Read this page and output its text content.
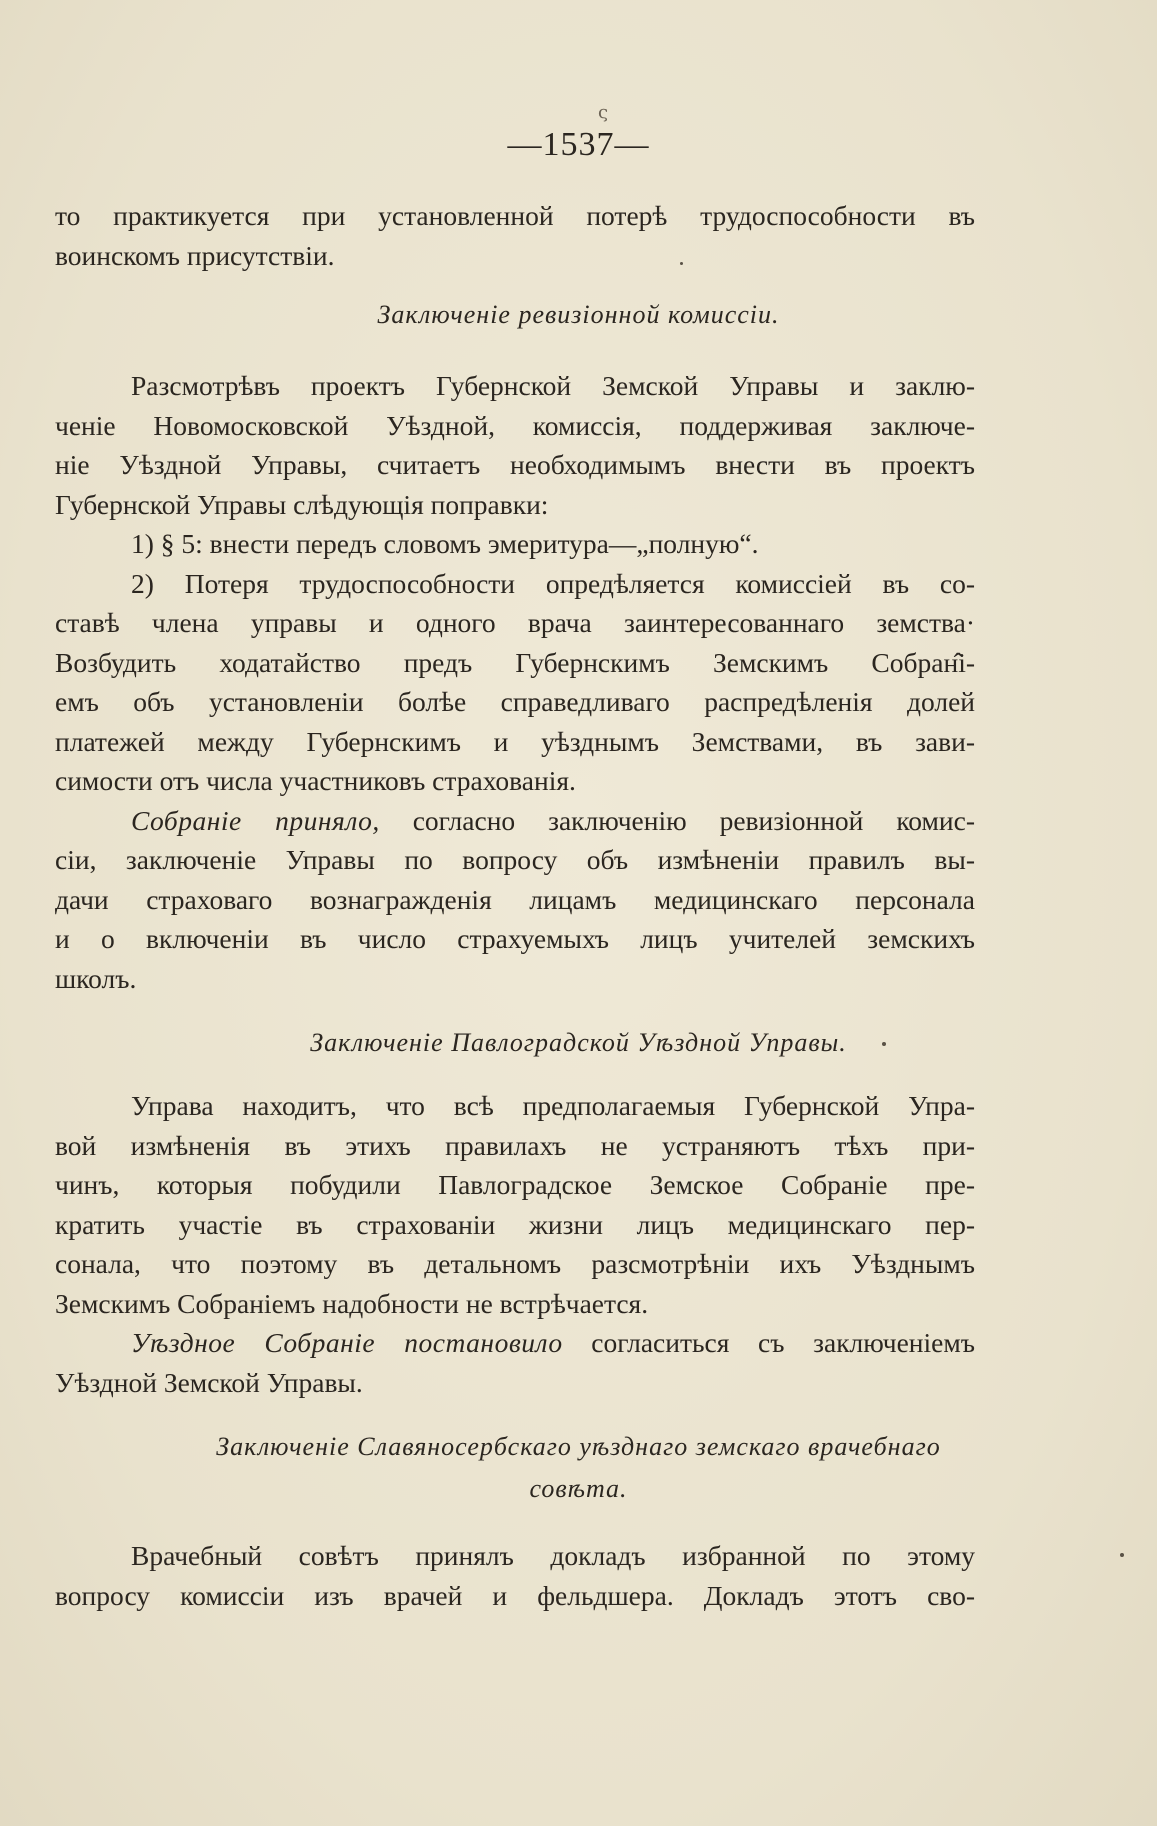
ς
—1537—
то практикуется при установленной потерѣ трудоспособности въ
воинскомъ присутствіи.
Заключеніе ревизіонной комиссіи.
Разсмотрѣвъ проектъ Губернской Земской Управы и заклю-
ченіе Новомосковской Уѣздной, комиссія, поддерживая заключе-
ніе Уѣздной Управы, считаетъ необходимымъ внести въ проектъ
Губернской Управы слѣдующія поправки:
1) § 5: внести передъ словомъ эмеритура—„полную“.
2) Потеря трудоспособности опредѣляется комиссіей въ со-
ставѣ члена управы и одного врача заинтересованнаго земства·
Возбудить ходатайство предъ Губернскимъ Земскимъ Собран̂і-
емъ объ установленіи болѣе справедливаго распредѣленія долей
платежей между Губернскимъ и уѣзднымъ Земствами, въ зави-
симости отъ числа участниковъ страхованія.
Собраніе приняло, согласно заключенію ревизіонной комис-
сіи, заключеніе Управы по вопросу объ измѣненіи правилъ вы-
дачи страховаго вознагражденія лицамъ медицинскаго персонала
и о включеніи въ число страхуемыхъ лицъ учителей земскихъ
школъ.
Заключеніе Павлоградской Уѣздной Управы.
Управа находитъ, что всѣ предполагаемыя Губернской Упра-
вой измѣненія въ этихъ правилахъ не устраняютъ тѣхъ при-
чинъ, которыя побудили Павлоградское Земское Собраніе пре-
кратить участіе въ страхованіи жизни лицъ медицинскаго пер-
сонала, что поэтому въ детальномъ разсмотрѣніи ихъ Уѣзднымъ
Земскимъ Собраніемъ надобности не встрѣчается.
Уѣздное Собраніе постановило согласиться съ заключеніемъ
Уѣздной Земской Управы.
Заключеніе Славяносербскаго уѣзднаго земскаго врачебнаго
совѣта.
Врачебный совѣтъ принялъ докладъ избранной по этому
вопросу комиссіи изъ врачей и фельдшера. Докладъ этотъ сво-
